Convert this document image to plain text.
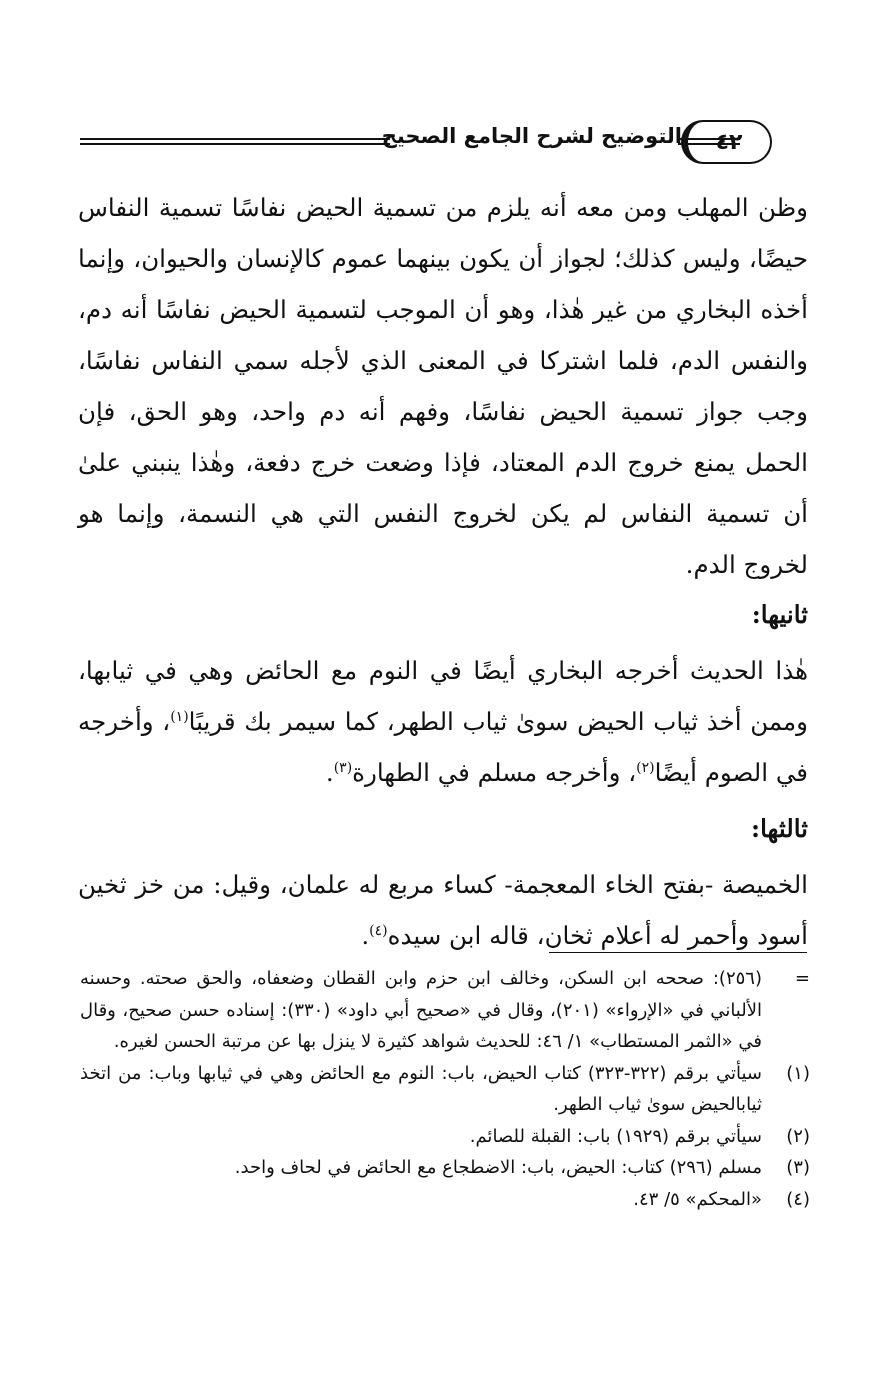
٤٢
التوضيح لشرح الجامع الصحيح

وظن المهلب ومن معه أنه يلزم من تسمية الحيض نفاسًا تسمية النفاس حيضًا، وليس كذلك؛ لجواز أن يكون بينهما عموم كالإنسان والحيوان، وإنما أخذه البخاري من غير هٰذا، وهو أن الموجب لتسمية الحيض نفاسًا أنه دم، والنفس الدم، فلما اشتركا في المعنى الذي لأجله سمي النفاس نفاسًا، وجب جواز تسمية الحيض نفاسًا، وفهم أنه دم واحد، وهو الحق، فإن الحمل يمنع خروج الدم المعتاد، فإذا وضعت خرج دفعة، وهٰذا ينبني علىٰ أن تسمية النفاس لم يكن لخروج النفس التي هي النسمة، وإنما هو لخروج الدم.

ثانيها:

هٰذا الحديث أخرجه البخاري أيضًا في النوم مع الحائض وهي في ثيابها، وممن أخذ ثياب الحيض سوىٰ ثياب الطهر، كما سيمر بك قريبًا$^{(١)}$، وأخرجه في الصوم أيضًا$^{(٢)}$، وأخرجه مسلم في الطهارة$^{(٣)}$.

ثالثها:

الخميصة -بفتح الخاء المعجمة- كساء مربع له علمان، وقيل: من خز ثخين أسود وأحمر له أعلام ثخان، قاله ابن سيده$^{(٤)}$.

=
(٢٥٦): صححه ابن السكن، وخالف ابن حزم وابن القطان وضعفاه، والحق صحته. وحسنه الألباني في «الإرواء» (٢٠١)، وقال في «صحيح أبي داود» (٣٣٠): إسناده حسن صحيح، وقال في «الثمر المستطاب» ١/ ٤٦: للحديث شواهد كثيرة لا ينزل بها عن مرتبة الحسن لغيره.
(١)
سيأتي برقم (٣٢٢-٣٢٣) كتاب الحيض، باب: النوم مع الحائض وهي في ثيابها وباب: من اتخذ ثيابالحيض سوىٰ ثياب الطهر.
(٢)
سيأتي برقم (١٩٢٩) باب: القبلة للصائم.
(٣)
مسلم (٢٩٦) كتاب: الحيض، باب: الاضطجاع مع الحائض في لحاف واحد.
(٤)
«المحكم» ٥/ ٤٣.
